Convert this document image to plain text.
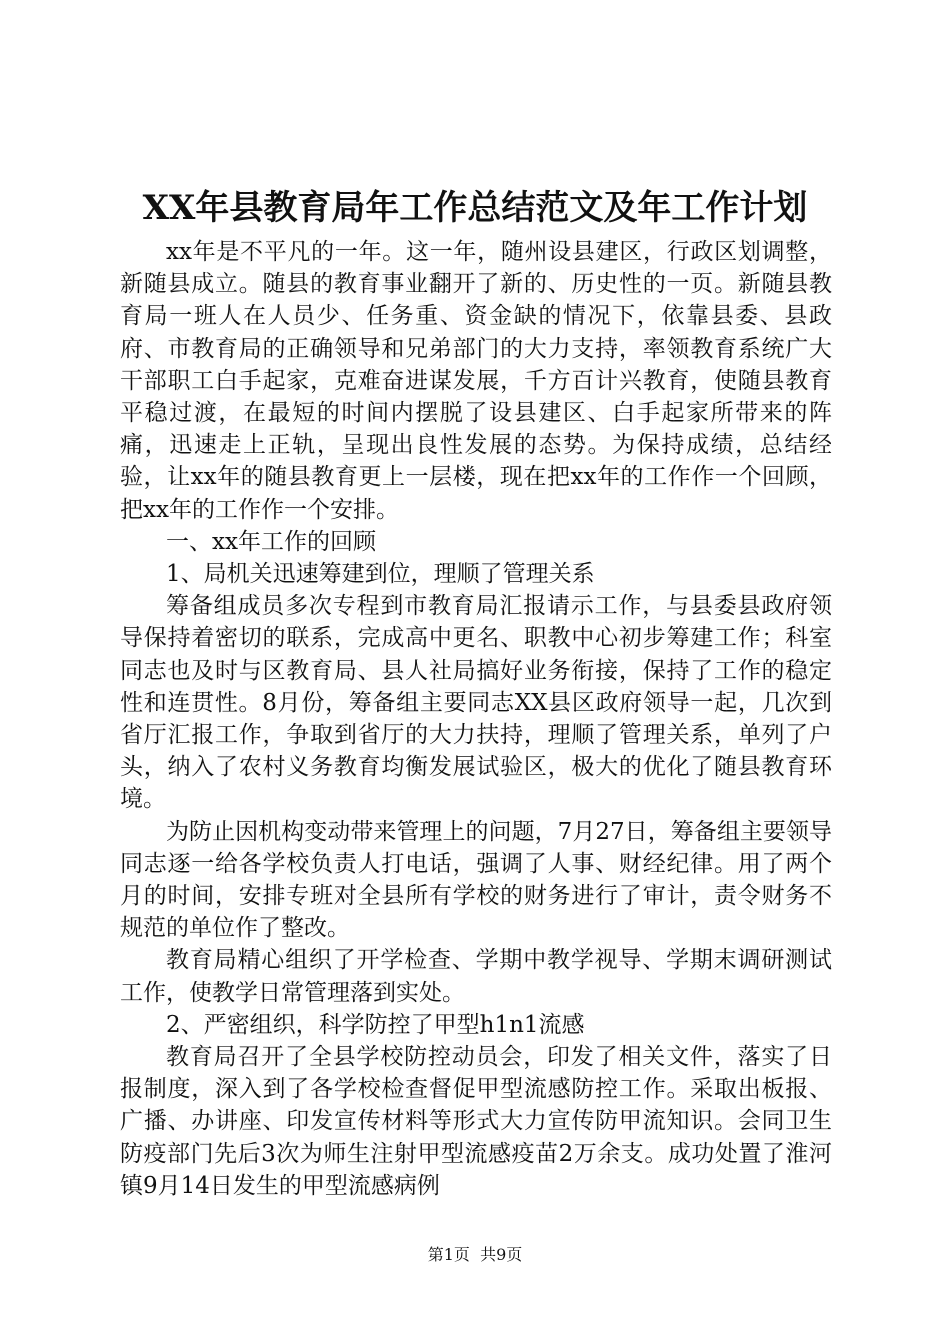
XX年县教育局年工作总结范文及年工作计划

xx年是不平凡的一年。这一年，随州设县建区，行政区划调整，新随县成立。随县的教育事业翻开了新的、历史性的一页。新随县教育局一班人在人员少、任务重、资金缺的情况下，依靠县委、县政府、市教育局的正确领导和兄弟部门的大力支持，率领教育系统广大干部职工白手起家，克难奋进谋发展，千方百计兴教育，使随县教育平稳过渡，在最短的时间内摆脱了设县建区、白手起家所带来的阵痛，迅速走上正轨，呈现出良性发展的态势。为保持成绩，总结经验，让xx年的随县教育更上一层楼，现在把xx年的工作作一个回顾，把xx年的工作作一个安排。

一、xx年工作的回顾

1、局机关迅速筹建到位，理顺了管理关系

筹备组成员多次专程到市教育局汇报请示工作，与县委县政府领导保持着密切的联系，完成高中更名、职教中心初步筹建工作；科室同志也及时与区教育局、县人社局搞好业务衔接，保持了工作的稳定性和连贯性。8月份，筹备组主要同志XX县区政府领导一起，几次到省厅汇报工作，争取到省厅的大力扶持，理顺了管理关系，单列了户头，纳入了农村义务教育均衡发展试验区，极大的优化了随县教育环境。

为防止因机构变动带来管理上的问题，7月27日，筹备组主要领导同志逐一给各学校负责人打电话，强调了人事、财经纪律。用了两个月的时间，安排专班对全县所有学校的财务进行了审计，责令财务不规范的单位作了整改。

教育局精心组织了开学检查、学期中教学视导、学期末调研测试工作，使教学日常管理落到实处。

2、严密组织，科学防控了甲型h1n1流感

教育局召开了全县学校防控动员会，印发了相关文件，落实了日报制度，深入到了各学校检查督促甲型流感防控工作。采取出板报、广播、办讲座、印发宣传材料等形式大力宣传防甲流知识。会同卫生防疫部门先后3次为师生注射甲型流感疫苗2万余支。成功处置了淮河镇9月14日发生的甲型流感病例

第1页  共9页
